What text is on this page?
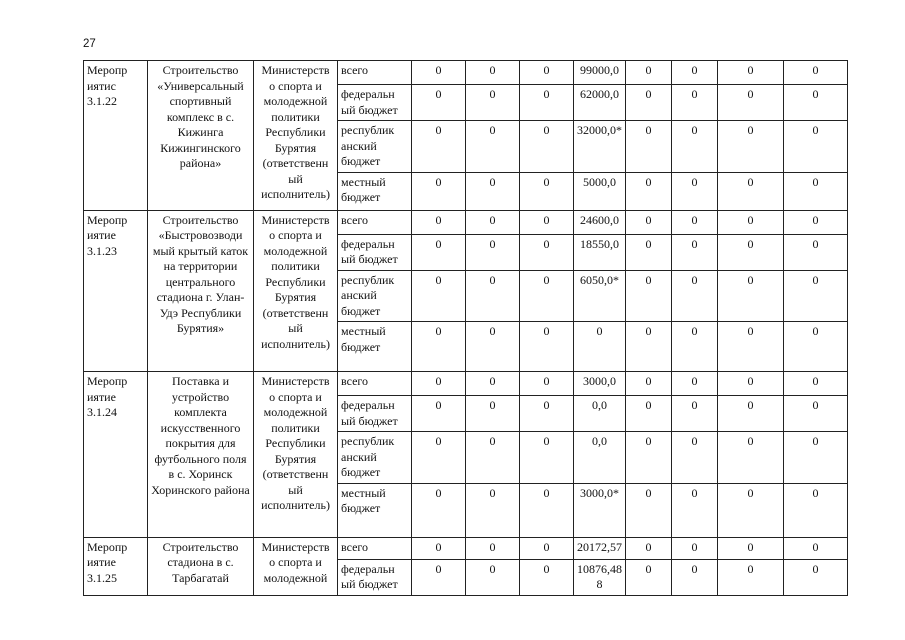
27
Меропр иятис 3.1.22	Строительство «Универсальный спортивный комплекс в с. Кижинга Кижингинского района»	Министерств о спорта и молодежной политики Республики Бурятия (ответственн ый исполнитель)	всего	0	0	0	99000,0	0	0	0	0
			федеральн ый бюджет	0	0	0	62000,0	0	0	0	0
			республик анский бюджет	0	0	0	32000,0*	0	0	0	0
			местный бюджет	0	0	0	5000,0	0	0	0	0
Меропр иятие 3.1.23	Строительство «Быстровозводи мый крытый каток на территории центрального стадиона г. Улан-Удэ Республики Бурятия»	Министерств о спорта и молодежной политики Республики Бурятия (ответственн ый исполнитель)	всего	0	0	0	24600,0	0	0	0	0
			федеральн ый бюджет	0	0	0	18550,0	0	0	0	0
			республик анский бюджет	0	0	0	6050,0*	0	0	0	0
			местный бюджет	0	0	0	0	0	0	0	0
Меропр иятие 3.1.24	Поставка и устройство комплекта искусственного покрытия для футбольного поля в с. Хоринск Хоринского района	Министерств о спорта и молодежной политики Республики Бурятия (ответственн ый исполнитель)	всего	0	0	0	3000,0	0	0	0	0
			федеральн ый бюджет	0	0	0	0,0	0	0	0	0
			республик анский бюджет	0	0	0	0,0	0	0	0	0
			местный бюджет	0	0	0	3000,0*	0	0	0	0
Меропр иятие 3.1.25	Строительство стадиона в с. Тарбагатай	Министерств о спорта и молодежной	всего	0	0	0	20172,57	0	0	0	0
			федеральн ый бюджет	0	0	0	10876,48 8	0	0	0	0
